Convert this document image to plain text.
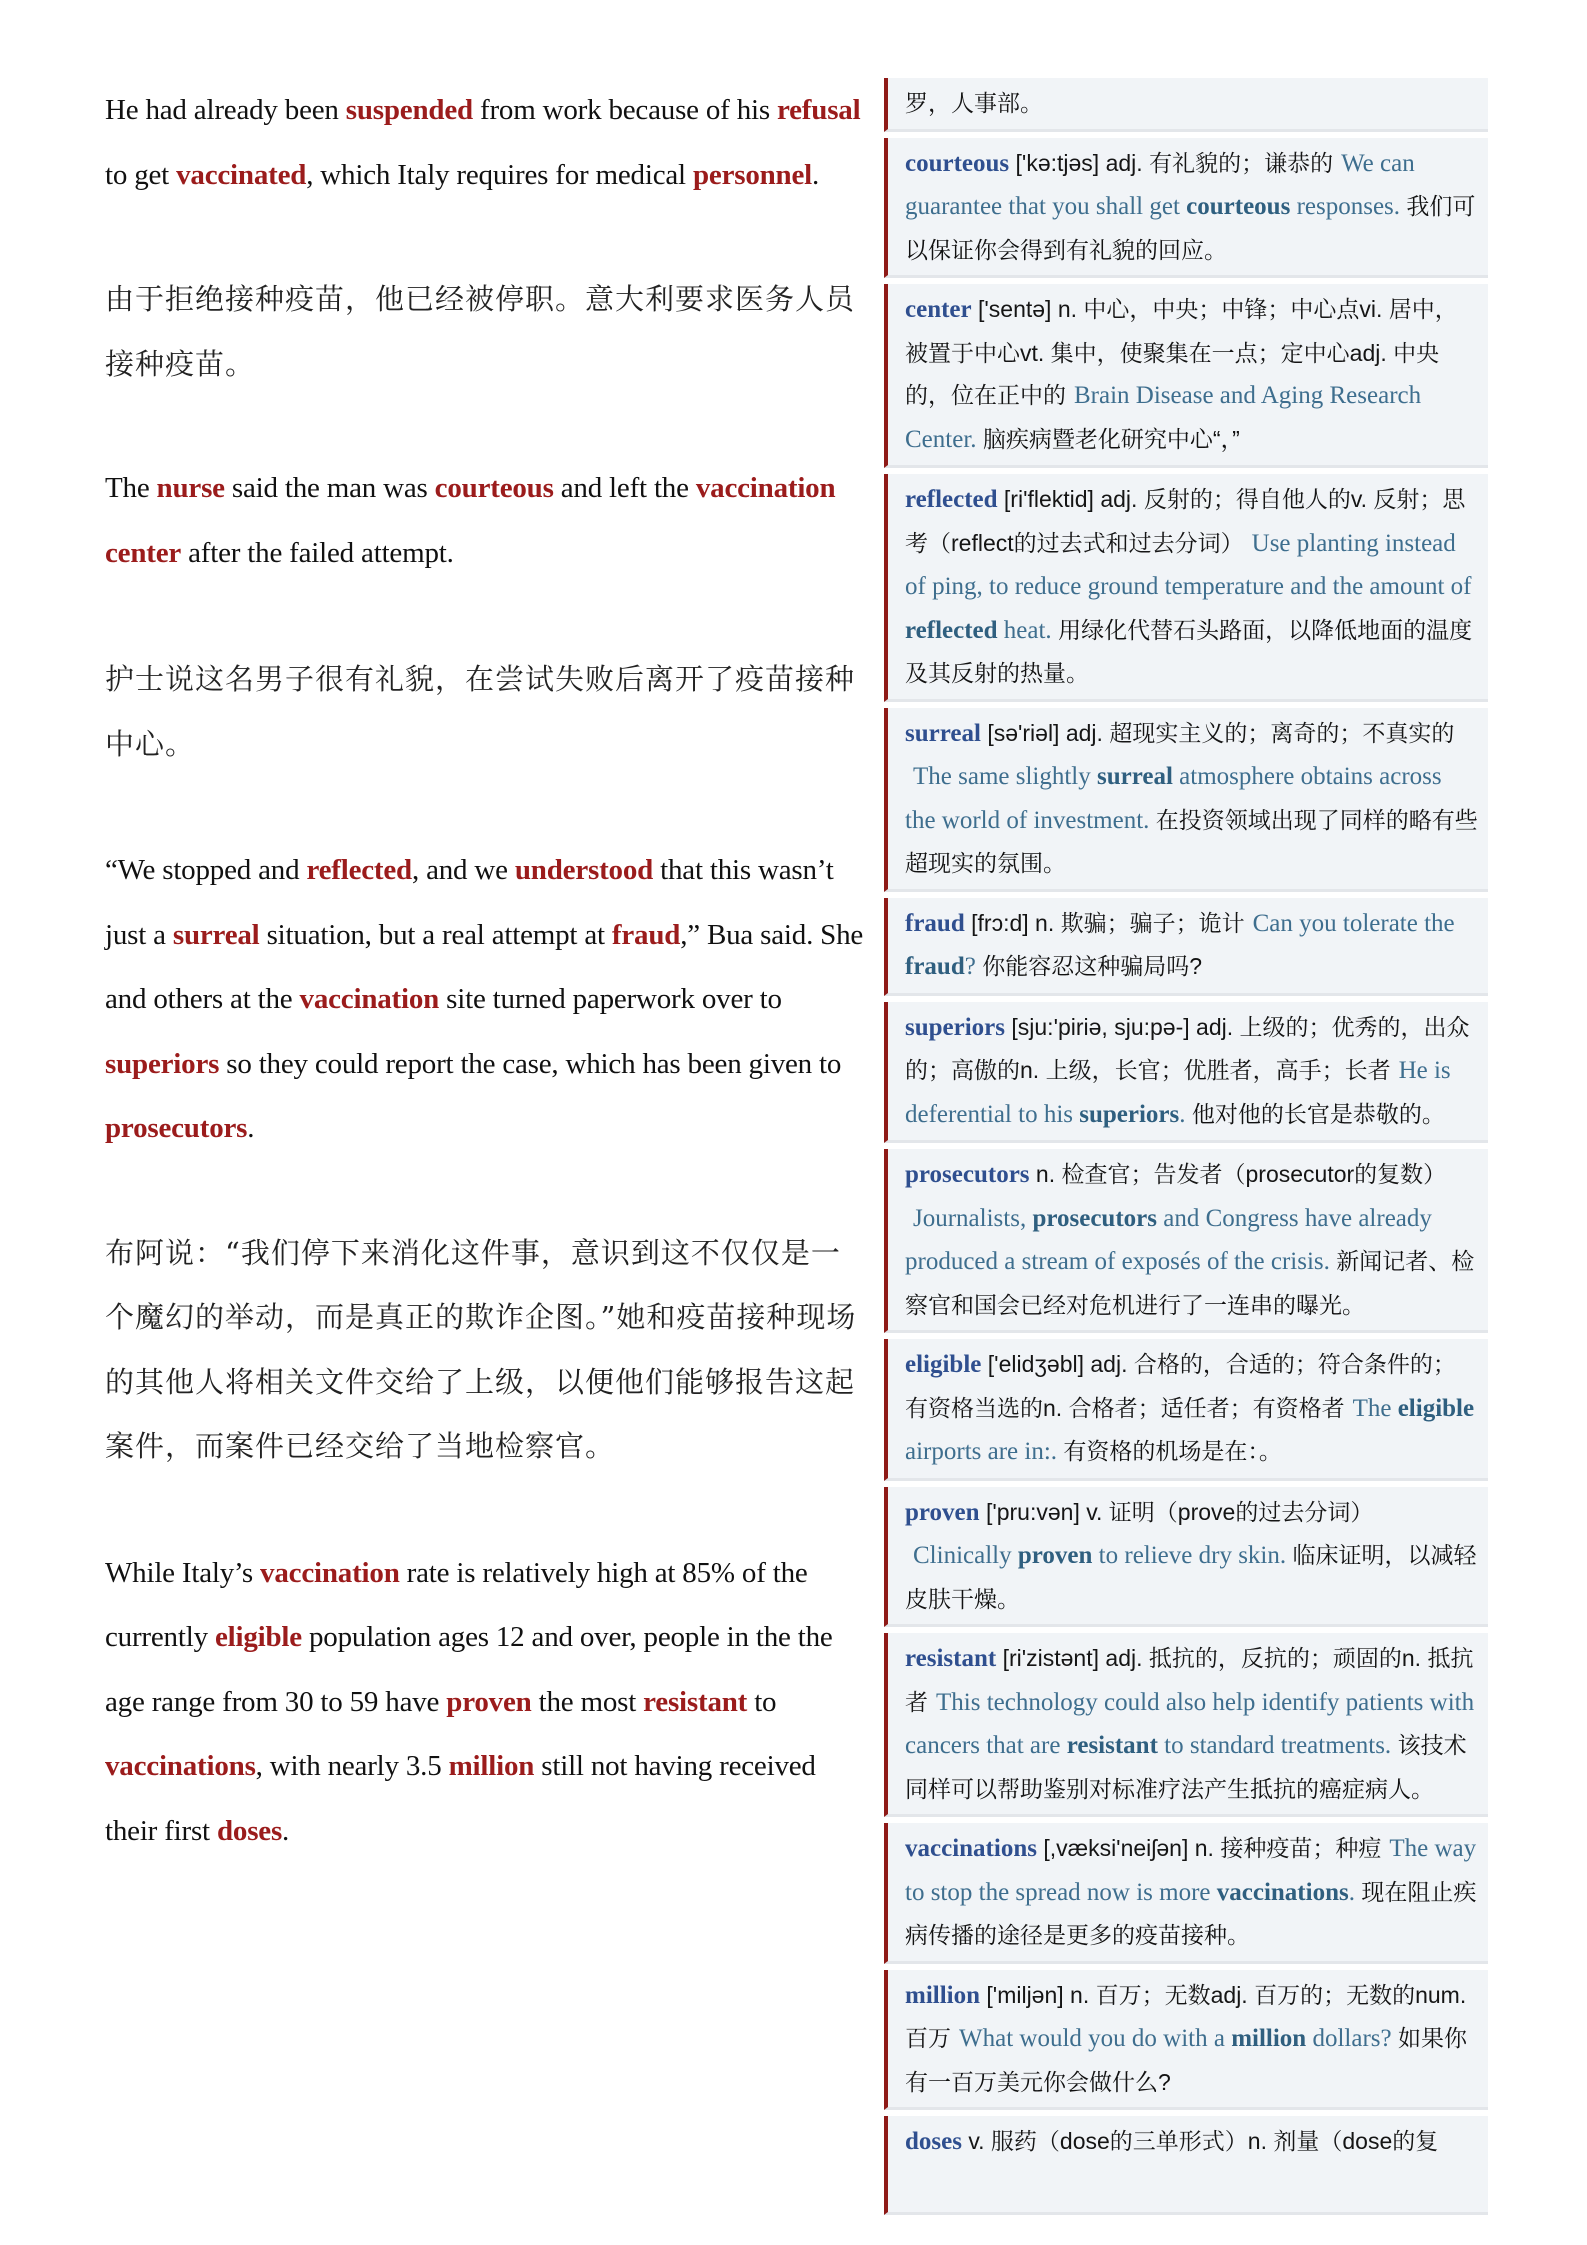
He had already been suspended from work because of his refusal to get vaccinated, which Italy requires for medical personnel.

由于拒绝接种疫苗，他已经被停职。意大利要求医务人员接种疫苗。

The nurse said the man was courteous and left the vaccination center after the failed attempt.

护士说这名男子很有礼貌，在尝试失败后离开了疫苗接种中心。

“We stopped and reflected, and we understood that this wasn’t just a surreal situation, but a real attempt at fraud,” Bua said. She and others at the vaccination site turned paperwork over to superiors so they could report the case, which has been given to prosecutors.

布阿说：“我们停下来消化这件事，意识到这不仅仅是一个魔幻的举动，而是真正的欺诈企图。”她和疫苗接种现场的其他人将相关文件交给了上级，以便他们能够报告这起案件，而案件已经交给了当地检察官。

While Italy’s vaccination rate is relatively high at 85% of the currently eligible population ages 12 and over, people in the the age range from 30 to 59 have proven the most resistant to vaccinations, with nearly 3.5 million still not having received their first doses.

罗，人事部。
courteous ['kə:tjəs] adj. 有礼貌的；谦恭的 We can guarantee that you shall get courteous responses. 我们可以保证你会得到有礼貌的回应。
center ['sentə] n. 中心，中央；中锋；中心点vi. 居中，被置于中心vt. 集中，使聚集在一点；定中心adj. 中央的，位在正中的 Brain Disease and Aging Research Center. 脑疾病暨老化研究中心“，”
reflected [ri'flektid] adj. 反射的；得自他人的v. 反射；思考（reflect的过去式和过去分词） Use planting instead of ping, to reduce ground temperature and the amount of reflected heat. 用绿化代替石头路面，以降低地面的温度及其反射的热量。
surreal [sə'riəl] adj. 超现实主义的；离奇的；不真实的The same slightly surreal atmosphere obtains across the world of investment. 在投资领域出现了同样的略有些超现实的氛围。
fraud [frɔ:d] n. 欺骗；骗子；诡计 Can you tolerate the fraud? 你能容忍这种骗局吗?
superiors [sju:'piriə, sju:pə-] adj. 上级的；优秀的，出众的；高傲的n. 上级，长官；优胜者，高手；长者 He is deferential to his superiors. 他对他的长官是恭敬的。
prosecutors n. 检查官；告发者（prosecutor的复数）Journalists, prosecutors and Congress have already produced a stream of exposés of the crisis. 新闻记者、检察官和国会已经对危机进行了一连串的曝光。
eligible ['elidʒəbl] adj. 合格的，合适的；符合条件的；有资格当选的n. 合格者；适任者；有资格者 The eligible airports are in:. 有资格的机场是在：。
proven ['pru:vən] v. 证明（prove的过去分词）Clinically proven to relieve dry skin. 临床证明，以减轻皮肤干燥。
resistant [ri'zistənt] adj. 抵抗的，反抗的；顽固的n. 抵抗者 This technology could also help identify patients with cancers that are resistant to standard treatments. 该技术同样可以帮助鉴别对标准疗法产生抵抗的癌症病人。
vaccinations [,væksi'neiʃən] n. 接种疫苗；种痘 The way to stop the spread now is more vaccinations. 现在阻止疾病传播的途径是更多的疫苗接种。
million ['miljən] n. 百万；无数adj. 百万的；无数的num. 百万 What would you do with a million dollars? 如果你有一百万美元你会做什么?
doses v. 服药（dose的三单形式）n. 剂量（dose的复
